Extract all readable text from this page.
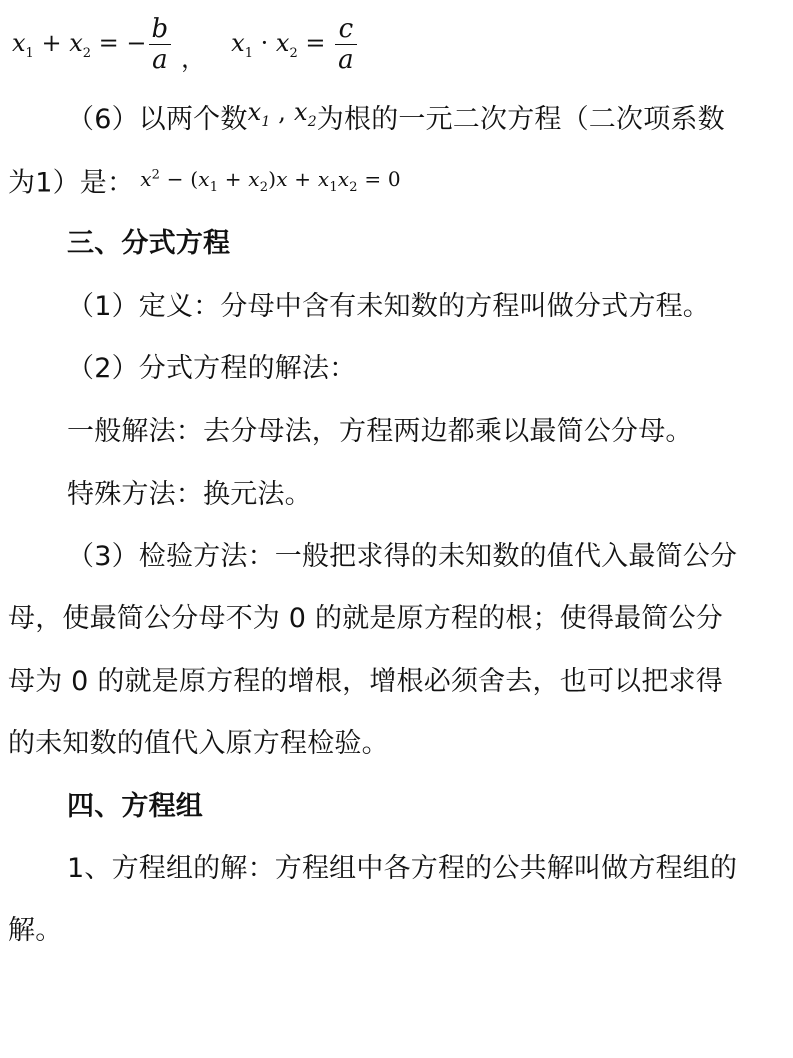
$x_1 + x_2$ = − $\frac{b}{a}$ ，
$x_1 \cdot x_2 = \frac{c}{a}$
（6）以两个数$x_1$ , $x_2$为根的一元二次方程（二次项系数
为1）是： $^{x^2 - (x_1 + x_2)x + x_1x_2 = 0}$
三、分式方程
（1）定义：分母中含有未知数的方程叫做分式方程。
（2）分式方程的解法：
一般解法：去分母法，方程两边都乘以最简公分母。
特殊方法：换元法。
（3）检验方法：一般把求得的未知数的值代入最简公分
母，使最简公分母不为 0 的就是原方程的根；使得最简公分
母为 0 的就是原方程的增根，增根必须舍去，也可以把求得
的未知数的值代入原方程检验。
四、方程组
1、方程组的解：方程组中各方程的公共解叫做方程组的
解。
